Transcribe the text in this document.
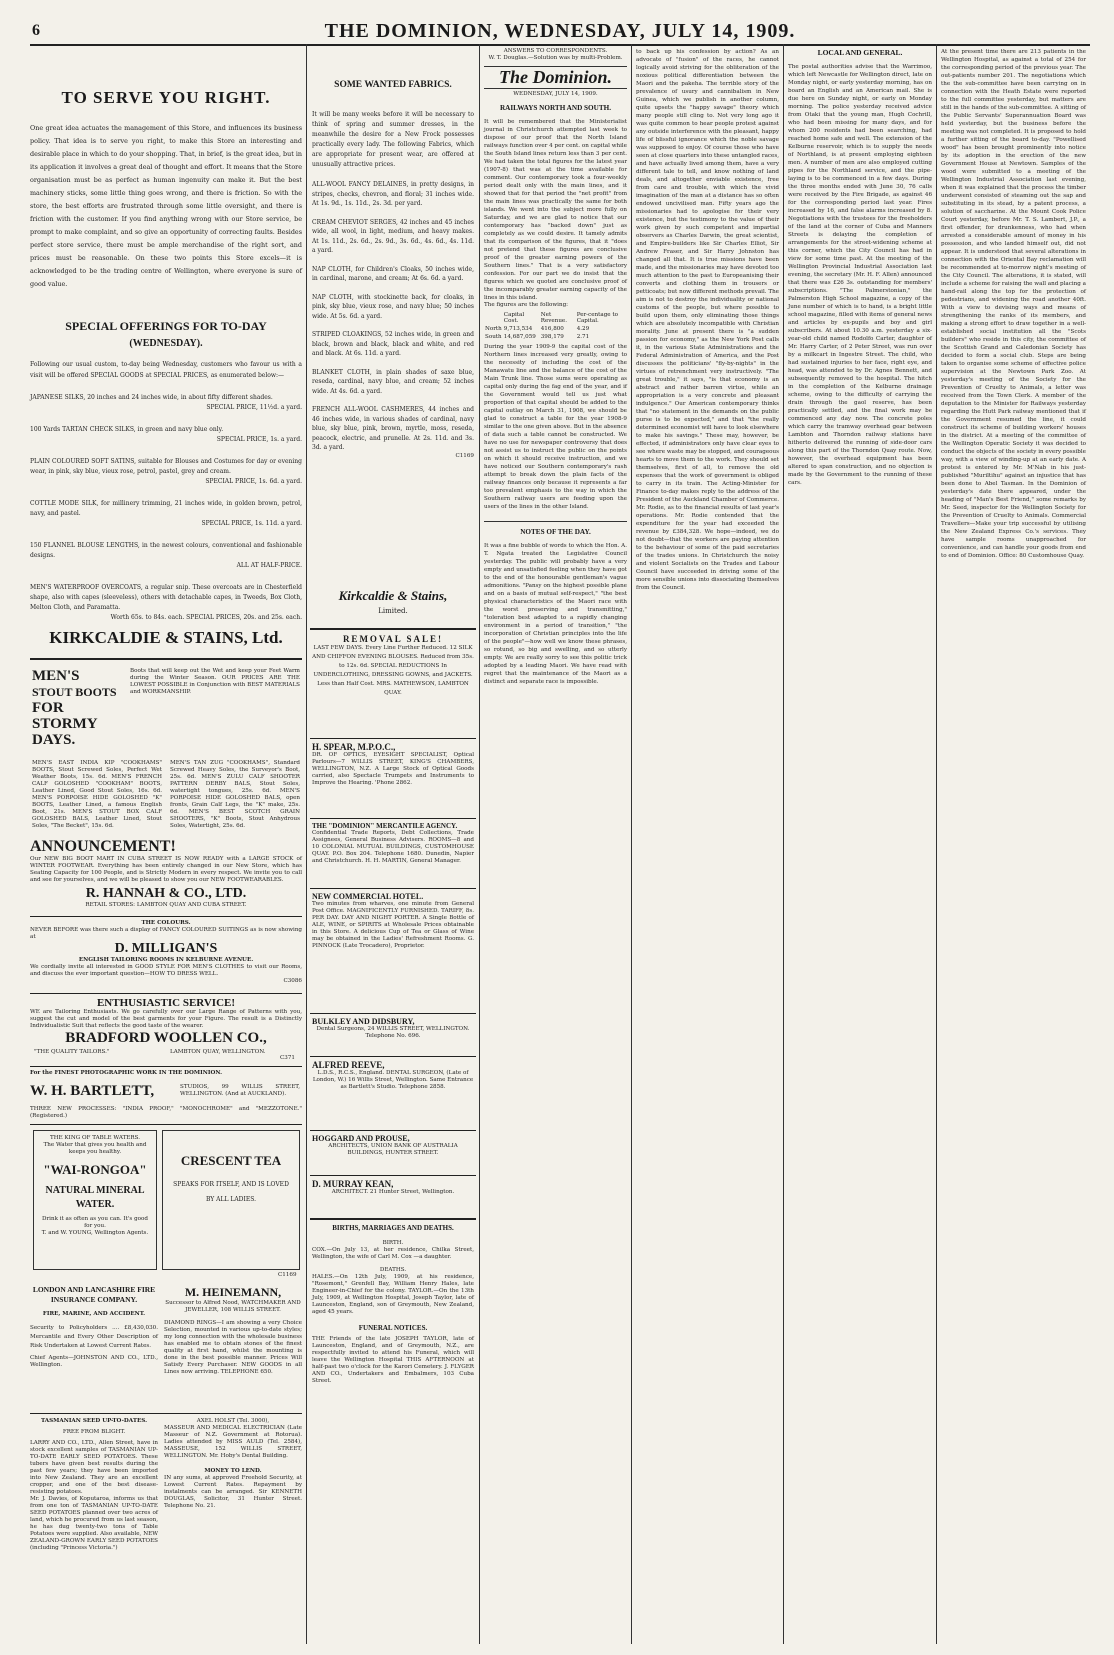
6	THE DOMINION, WEDNESDAY, JULY 14, 1909.
TO SERVE YOU RIGHT.

One great idea actuates the management of this Store, and influences its business policy. That idea is to serve you right, to make this Store an interesting and desirable place in which to do your shopping. That, in brief, is the great idea, but in its application it involves a great deal of thought and effort. It means that the Store organisation must be as perfect as human ingenuity can make it. But the best machinery sticks, some little thing goes wrong, and there is friction. So with the store, the best efforts are frustrated through some little oversight, and there is friction with the customer. If you find anything wrong with our Store service, be prompt to make complaint, and so give an opportunity of correcting faults. Besides perfect store service, there must be ample merchandise of the right sort, and prices must be reasonable. On these two points this Store excels—it is acknowledged to be the trading centre of Wellington, where everyone is sure of good value.

SPECIAL OFFERINGS FOR TO-DAY
(WEDNESDAY).

Following our usual custom, to-day being Wednesday, customers who favour us with a visit will be offered SPECIAL GOODS at SPECIAL PRICES, as enumerated below:—

JAPANESE SILKS, 20 inches and 24 inches wide, in about fifty different shades.

SPECIAL PRICE, 11½d. a yard.

100 Yards TARTAN CHECK SILKS, in green and navy blue only.

SPECIAL PRICE, 1s. a yard.

PLAIN COLOURED SOFT SATINS, suitable for Blouses and Costumes for day or evening wear, in pink, sky blue, vieux rose, petrol, pastel, grey and cream.

SPECIAL PRICE, 1s. 6d. a yard.

COTTLE MODE SILK, for millinery trimming, 21 inches wide, in golden brown, petrol, navy, and pastel.

SPECIAL PRICE, 1s. 11d. a yard.

150 FLANNEL BLOUSE LENGTHS, in the newest colours, conventional and fashionable designs.

ALL AT HALF-PRICE.

MEN'S WATERPROOF OVERCOATS, a regular snip. These overcoats are in Chesterfield shape, also with capes (sleeveless), others with detachable capes, in Tweeds, Box Cloth, Melton Cloth, and Paramatta.

Worth 65s. to 84s. each. SPECIAL PRICES, 20s. and 25s. each.

KIRKCALDIE & STAINS, Ltd.
MEN'S
STOUT BOOTS
FOR
STORMY
DAYS.

Boots that will keep out the Wet and keep your Feet Warm during the Winter Season. OUR PRICES ARE THE LOWEST POSSIBLE in Conjunction with BEST MATERIALS and WORKMANSHIP.

MEN'S EAST INDIA KIP "COOKHAMS" BOOTS, Stout Screwed Soles, Perfect Wet Weather Boots, 15s. 6d. MEN'S FRENCH CALF GOLOSHED "COOKHAM" BOOTS, Leather Lined, Good Stout Soles, 16s. 6d. MEN'S PORPOISE HIDE GOLOSHED "K" BOOTS, Leather Lined, a famous English Boot, 21s. MEN'S STOUT BOX CALF GOLOSHED BALS, Leather Lined, Stout Soles, "The Becket", 15s. 6d.

MEN'S TAN ZUG "COOKHAMS", Standard Screwed Heavy Soles, the Surveyor's Boot, 25s. 6d. MEN'S ZULU CALF SHOOTER PATTERN DERBY BALS, Stout Soles, watertight tongues, 25s. 6d. MEN'S PORPOISE HIDE GOLOSHED BALS, open fronts, Grain Calf Legs, the "K" make, 25s. 6d. MEN'S BEST SCOTCH GRAIN SHOOTERS, "K" Boots, Stout Anhydrous Soles, Watertight, 25s. 6d.

ANNOUNCEMENT!

Our NEW BIG BOOT MART IN CUBA STREET IS NOW READY with a LARGE STOCK of WINTER FOOTWEAR. Everything has been entirely changed in our New Store, which has Seating Capacity for 100 People, and is Strictly Modern in every respect. We invite you to call and see for yourselves, and we will be pleased to show you our NEW FOOTWEARABLES.

R. HANNAH & CO., LTD.
RETAIL STORES: LAMBTON QUAY AND CUBA STREET.
THE COLOURS.

NEVER BEFORE was there such a display of FANCY COLOURED SUITINGS as is now showing at

D. MILLIGAN'S
ENGLISH TAILORING ROOMS IN KELBURNE AVENUE.

We cordially invite all interested in GOOD STYLE FOR MEN'S CLOTHES to visit our Rooms, and discuss the ever important question—HOW TO DRESS WELL.

C3086
ENTHUSIASTIC SERVICE!

WE are Tailoring Enthusiasts. We go carefully over our Large Range of Patterns with you, suggest the cut and model of the best garments for your Figure. The result is a Distinctly Individualistic Suit that reflects the good taste of the wearer.

BRADFORD WOOLLEN CO.,
"THE QUALITY TAILORS."	LAMBTON QUAY, WELLINGTON.
C371

For the FINEST PHOTOGRAPHIC WORK IN THE DOMINION.

W. H. BARTLETT,	STUDIOS, 99 WILLIS STREET, WELLINGTON. (And at AUCKLAND).

THREE NEW PROCESSES: "INDIA PROOF," "MONOCHROME" and "MEZZOTONE." (Registered.)

THE KING OF TABLE WATERS.

The Water that gives you health and keeps you healthy.

"WAI-RONGOA"
NATURAL MINERAL WATER.

Drink it as often as you can. It's good for you.

T. and W. YOUNG, Wellington Agents.

CRESCENT TEA

SPEAKS FOR ITSELF, AND IS LOVED BY ALL LADIES.

C1169
LONDON AND LANCASHIRE FIRE INSURANCE COMPANY.
FIRE, MARINE, AND ACCIDENT.

Security to Policyholders .... £8,430,030. Mercantile and Every Other Description of Risk Undertaken at Lowest Current Rates.

Chief Agents—JOHNSTON AND CO., LTD., Wellington.

M. HEINEMANN,

Successor to Alfred Nood, WATCHMAKER AND JEWELLER, 108 WILLIS STREET.

DIAMOND RINGS—I am showing a very Choice Selection, mounted in various up-to-date styles; my long connection with the wholesale business has enabled me to obtain stones of the finest quality at first hand, whilst the mounting is done in the best possible manner. Prices Will Satisfy Every Purchaser. NEW GOODS in all Lines now arriving. TELEPHONE 650.

TASMANIAN SEED UP-TO-DATES.
FREE FROM BLIGHT.

LARRY AND CO., LTD., Allen Street, have in stock excellent samples of TASMANIAN UP-TO-DATE EARLY SEED POTATOES. These tubers have given best results during the past few years; they have been imported into New Zealand. They are an excellent cropper, and one of the best disease-resisting potatoes.

Mr. J. Davies, of Koputaroa, informs us that from one ton of TASMANIAN UP-TO-DATE SEED POTATOES planned over two acres of land, which he procured from us last season, he has dug twenty-two tons of Table Potatoes were supplied. Also available, NEW ZEALAND-GROWN EARLY SEED POTATOES (including "Princess Victoria.")

AXEL HOLST (Tel. 3000),

MASSEUR AND MEDICAL ELECTRICIAN (Late Masseur of N.Z. Government at Rotorua). Ladies attended by MISS AULD (Tel. 2584), MASSEUSE, 152 WILLIS STREET, WELLINGTON. Mr. Hoby's Dental Building.

MONEY TO LEND.

IN any sums, at approved Freehold Security, at Lowest Current Rates. Repayment by instalments can be arranged. Sir KENNETH DOUGLAS, Solicitor, 31 Hunter Street. Telephone No. 21.

SOME WANTED FABRICS.

It will be many weeks before it will be necessary to think of spring and summer dresses, in the meanwhile the desire for a New Frock possesses practically every lady. The following Fabrics, which are appropriate for present wear, are offered at unusually attractive prices.

ALL-WOOL FANCY DELAINES, in pretty designs, in stripes, checks, chevron, and floral; 31 inches wide. At 1s. 9d., 1s. 11d., 2s. 3d. per yard.

CREAM CHEVIOT SERGES, 42 inches and 45 inches wide, all wool, in light, medium, and heavy makes. At 1s. 11d., 2s. 6d., 2s. 9d., 3s. 6d., 4s. 6d., 4s. 11d. a yard.

NAP CLOTH, for Children's Cloaks, 50 inches wide, in cardinal, marone, and cream; At 6s. 6d. a yard.

NAP CLOTH, with stockinette back, for cloaks, in pink, sky blue, vieux rose, and navy blue; 50 inches wide. At 5s. 6d. a yard.

STRIPED CLOAKINGS, 52 inches wide, in green and black, brown and black, black and white, and red and black. At 6s. 11d. a yard.

BLANKET CLOTH, in plain shades of saxe blue, reseda, cardinal, navy blue, and cream; 52 inches wide. At 4s. 6d. a yard.

FRENCH ALL-WOOL CASHMERES, 44 inches and 46 inches wide, in various shades of cardinal, navy blue, sky blue, pink, brown, myrtle, moss, reseda, peacock, electric, and prunelle. At 2s. 11d. and 3s. 3d. a yard.

C1169
Kirkcaldie & Stains,
Limited.
REMOVAL SALE!

LAST FEW DAYS. Every Line Further Reduced. 12 SILK AND CHIFFON EVENING BLOUSES. Reduced from 35s. to 12s. 6d. SPECIAL REDUCTIONS In UNDERCLOTHING, DRESSING GOWNS, and JACKETS. Less than Half Cost. MRS. MATHEWSON, LAMBTON QUAY.

H. SPEAR, M.P.O.C.,

DR. OF OPTICS, EYESIGHT SPECIALIST, Optical Parlours—7 WILLIS STREET, KING'S CHAMBERS, WELLINGTON, N.Z. A Large Stock of Optical Goods carried, also Spectacle Trumpets and Instruments to Improve the Hearing. 'Phone 2862.

THE "DOMINION" MERCANTILE AGENCY.

Confidential Trade Reports, Debt Collections, Trade Assignees, General Business Advisers. ROOMS—8 and 10 COLONIAL MUTUAL BUILDINGS, CUSTOMHOUSE QUAY. P.O. Box 204. Telephone 1680. Dunedin, Napier and Christchurch. H. H. MARTIN, General Manager.

NEW COMMERCIAL HOTEL.

Two minutes from wharves, one minute from General Post Office. MAGNIFICENTLY FURNISHED. TARIFF, 8s. PER DAY. DAY AND NIGHT PORTER. A Single Bottle of ALE, WINE, or SPIRITS at Wholesale Prices obtainable in this Store. A delicious Cup of Tea or Glass of Wine may be obtained in the Ladies' Refreshment Rooms. G. PINNOCK (Late Trocadero), Proprietor.

BULKLEY AND DIDSBURY,

Dental Surgeons, 24 WILLIS STREET, WELLINGTON. Telephone No. 696.

ALFRED REEVE,

L.D.S., R.C.S., England. DENTAL SURGEON, (Late of London, W.) 16 Willis Street, Wellington. Same Entrance as Bartlett's Studio. Telephone 2858.

HOGGARD AND PROUSE,

ARCHITECTS, UNION BANK OF AUSTRALIA BUILDINGS, HUNTER STREET.

D. MURRAY KEAN,

ARCHITECT. 21 Hunter Street, Wellington.

BIRTHS, MARRIAGES AND DEATHS.
BIRTH.

COX.—On July 13, at her residence, Chilka Street, Wellington, the wife of Carl M. Cox —a daughter.

DEATHS.

HALES.—On 12th July, 1909, at his residence, "Rosemont," Grenfell Bay, William Henry Hales, late Engineer-in-Chief for the colony. TAYLOR.—On the 13th July, 1909, at Wellington Hospital, Joseph Taylor, late of Launceston, England, son of Greymouth, New Zealand, aged 45 years.

FUNERAL NOTICES.

THE Friends of the late JOSEPH TAYLOR, late of Launceston, England, and of Greymouth, N.Z., are respectfully invited to attend his Funeral, which will leave the Wellington Hospital THIS AFTERNOON at half-past two o'clock for the Karori Cemetery. J. FLYGER AND CO., Undertakers and Embalmers, 103 Cuba Street.

ANSWERS TO CORRESPONDENTS.

W. T. Douglas.—Solution was by multi-Problem.

The Dominion.
WEDNESDAY, JULY 14, 1909.
RAILWAYS NORTH AND SOUTH.

It will be remembered that the Ministerialist journal in Christchurch attempted last week to dispose of our proof that the North Island railways function over 4 per cent. on capital while the South Island lines return less than 3 per cent. We had taken the total figures for the latest year (1907-8) that was at the time available for comment. Our contemporary took a four-weekly period dealt only with the main lines, and it showed that for that period the "net profit" from the main lines was practically the same for both islands. We went into the subject more fully on Saturday, and we are glad to notice that our contemporary has "backed down" just as completely as we could desire. It tamely admits that its comparison of the figures, that it "does not pretend that these figures are conclusive proof of the greater earning powers of the Southern lines." That is a very satisfactory confession. For our part we do insist that the figures which we quoted are conclusive proof of the incomparably greater earning capacity of the lines in this island.

The figures are the following:
	Capital Cost.	Net Revenue.	Per-centage to Capital.
North	9,713,534	416,800	4.29
South	14,687,059	398,179	2.71

During the year 1909-9 the capital cost of the Northern lines increased very greatly, owing to the necessity of including the cost of the Manawatu line and the balance of the cost of the Main Trunk line. Those sums were operating as capital only during the fag end of the year, and if the Government would tell us just what proportion of that capital should be added to the capital outlay on March 31, 1908, we should be glad to construct a table for the year 1908-9 similar to the one given above. But in the absence of data such a table cannot be constructed. We have no use for newspaper controversy that does not assist us to instruct the public on the points on which it should receive instruction, and we have noticed our Southern contemporary's rash attempt to break down the plain facts of the railway finances only because it represents a far too prevalent emphasis to the way in which the Southern railway users are feeding upon the users of the lines in the other Island.

NOTES OF THE DAY.

It was a fine bubble of words to which the Hon. A. T. Ngata treated the Legislative Council yesterday. The public will probably have a very empty and unsatisfied feeling when they have got to the end of the honourable gentleman's vague admonitions. "Pansy on the highest possible plane and on a basis of mutual self-respect," "the best physical characteristics of the Maori race with the worst preserving and transmitting," "toleration best adapted to a rapidly changing environment in a period of transition," "the incorporation of Christian principles into the life of the people"—how well we know these phrases, so rotund, so big and swelling, and so utterly empty. We are really sorry to see this politic trick adopted by a leading Maori. We have read with regret that the maintenance of the Maori as a distinct and separate race is impossible.

to back up his confession by action? As an advocate of "fusion" of the races, he cannot logically avoid striving for the obliteration of the noxious political differentiation between the Maori and the pakeha. The terrible story of the prevalence of usury and cannibalism in New Guinea, which we publish in another column, quite upsets the "happy savage" theory which many people still cling to. Not very long ago it was quite common to hear people protest against any outside interference with the pleasant, happy life of blissful ignorance which the noble savage was supposed to enjoy. Of course those who have seen at close quarters into these untangled races, and have actually lived among them, have a very different tale to tell, and know nothing of land deals, and altogether enviable existence, free from care and trouble, with which the vivid imagination of the man at a distance has so often endowed uncivilised man. Fifty years ago the missionaries had to apologise for their very existence, but the testimony to the value of their work given by such competent and impartial observers as Charles Darwin, the great scientist, and Empire-builders like Sir Charles Elliot, Sir Andrew Fraser, and Sir Harry Johnston has changed all that. It is true missions have been made, and the missionaries may have devoted too much attention to the past to Europeanising their converts and clothing them in trousers or petticoats; but now different methods prevail. The aim is not to destroy the individuality or national customs of the people, but where possible to build upon them, only eliminating those things which are absolutely incompatible with Christian morality. June at present there is "a sudden passion for economy," as the New York Post calls it, in the various State Administrations and the Federal Administration of America, and the Post discusses the politicians' "fly-by-nights" in the virtues of retrenchment very instructively. "The great trouble," it says, "is that economy is an abstract and rather barren virtue, while an appropriation is a very concrete and pleasant indulgence." Our American contemporary thinks that "no statement in the demands on the public purse is to be expected," and that "the really determined economist will have to look elsewhere to make his savings." These may, however, be effected, if administrators only have clear eyes to see where waste may be stopped, and courageous hearts to move them to the work. They should set themselves, first of all, to remove the old expenses that the work of government is obliged to carry in its train. The Acting-Minister for Finance to-day makes reply to the address of the President of the Auckland Chamber of Commerce. Mr. Rodie, as to the financial results of last year's operations. Mr. Rodie contended that the expenditure for the year had exceeded the revenue by £384,328. We hope—indeed, we do not doubt—that the workers are paying attention to the behaviour of some of the paid secretaries of the trades unions. In Christchurch the noisy and violent Socialists on the Trades and Labour Council have succeeded in driving some of the more sensible unions into dissociating themselves from the Council.

LOCAL AND GENERAL.

The postal authorities advise that the Warrimoo, which left Newcastle for Wellington direct, late on Monday night, or early yesterday morning, has on board an English and an American mail. She is due here on Sunday night, or early on Monday morning. The police yesterday received advice from Otaki that the young man, Hugh Cochrill, who had been missing for many days, and for whom 200 residents had been searching, had reached home safe and well. The extension of the Kelburne reservoir, which is to supply the needs of Northland, is at present employing eighteen men. A number of men are also employed cutting pipes for the Northland service, and the pipe-laying is to be commenced in a few days. During the three months ended with June 30, 76 calls were received by the Fire Brigade, as against 46 for the corresponding period last year. Fires increased by 16, and false alarms increased by 8. Negotiations with the trustees for the freeholders of the land at the corner of Cuba and Manners Streets is delaying the completion of arrangements for the street-widening scheme at this corner, which the City Council has had in view for some time past. At the meeting of the Wellington Provincial Industrial Association last evening, the secretary (Mr. H. F. Allen) announced that there was £26 3s. outstanding for members' subscriptions. "The Palmerstonian," the Palmerston High School magazine, a copy of the June number of which is to hand, is a bright little school magazine, filled with items of general news and articles by ex-pupils and boy and girl subscribers. At about 10.30 a.m. yesterday a six-year-old child named Rodolfo Carter, daughter of Mr. Harry Carter, of 2 Peter Street, was run over by a milkcart in Ingestre Street. The child, who had sustained injuries to her face, right eye, and head, was attended to by Dr. Agnes Bennett, and subsequently removed to the hospital. The hitch in the completion of the Kelburne drainage scheme, owing to the difficulty of carrying the drain through the gaol reserve, has been practically settled, and the final work may be commenced any day now. The concrete poles which carry the tramway overhead gear between Lambton and Thorndon railway stations have hitherto delivered the running of side-door cars along this part of the Thorndon Quay route. Now, however, the overhead equipment has been altered to span construction, and no objection is made by the Government to the running of these cars.

At the present time there are 213 patients in the Wellington Hospital, as against a total of 254 for the corresponding period of the previous year. The out-patients number 201. The negotiations which the the sub-committee have been carrying on in connection with the Heath Estate were reported to the full committee yesterday, but matters are still in the hands of the sub-committee. A sitting of the Public Servants' Superannuation Board was held yesterday, but the business before the meeting was not completed. It is proposed to hold a further sitting of the board to-day. "Powellised wood" has been brought prominently into notice by its adoption in the erection of the new Government House at Newtown. Samples of the wood were submitted to a meeting of the Wellington Industrial Association last evening, when it was explained that the process the timber underwent consisted of steaming out the sap and substituting in its stead, by a patent process, a solution of saccharine. At the Mount Cook Police Court yesterday, before Mr. T. S. Lambert, J.P., a first offender, for drunkenness, who had when arrested a considerable amount of money in his possession, and who landed himself out, did not appear. It is understood that several alterations in connection with the Oriental Bay reclamation will be recommended at to-morrow night's meeting of the City Council. The alterations, it is stated, will include a scheme for raising the wall and placing a hand-rail along the top for the protection of pedestrians, and widening the road another 40ft. With a view to devising ways and means of strengthening the ranks of its members, and making a strong effort to draw together in a well-established social institution all the "Scots builders" who reside in this city, the committee of the Scottish Grand and Caledonian Society has decided to form a social club. Steps are being taken to organise some scheme of effective police supervision at the Newtown Park Zoo. At yesterday's meeting of the Society for the Prevention of Cruelty to Animals, a letter was received from the Town Clerk. A member of the deputation to the Minister for Railways yesterday regarding the Hutt Park railway mentioned that if the Government resumed the line, it could construct its scheme of building workers' houses in the district. At a meeting of the committee of the Wellington Operatic Society it was decided to conduct the objects of the society in every possible way, with a view of winding-up at an early date. A protest is entered by Mr. M'Nab in his just-published "Muriltihu" against an injustice that has been done to Abel Tasman. In the Dominion of yesterday's date there appeared, under the heading of "Man's Best Friend," some remarks by Mr. Seed, inspector for the Wellington Society for the Prevention of Cruelty to Animals. Commercial Travellers—Make your trip successful by utilising the New Zealand Express Co.'s services. They have sample rooms unapproached for convenience, and can handle your goods from end to end of Dominion. Office: 80 Customhouse Quay.
